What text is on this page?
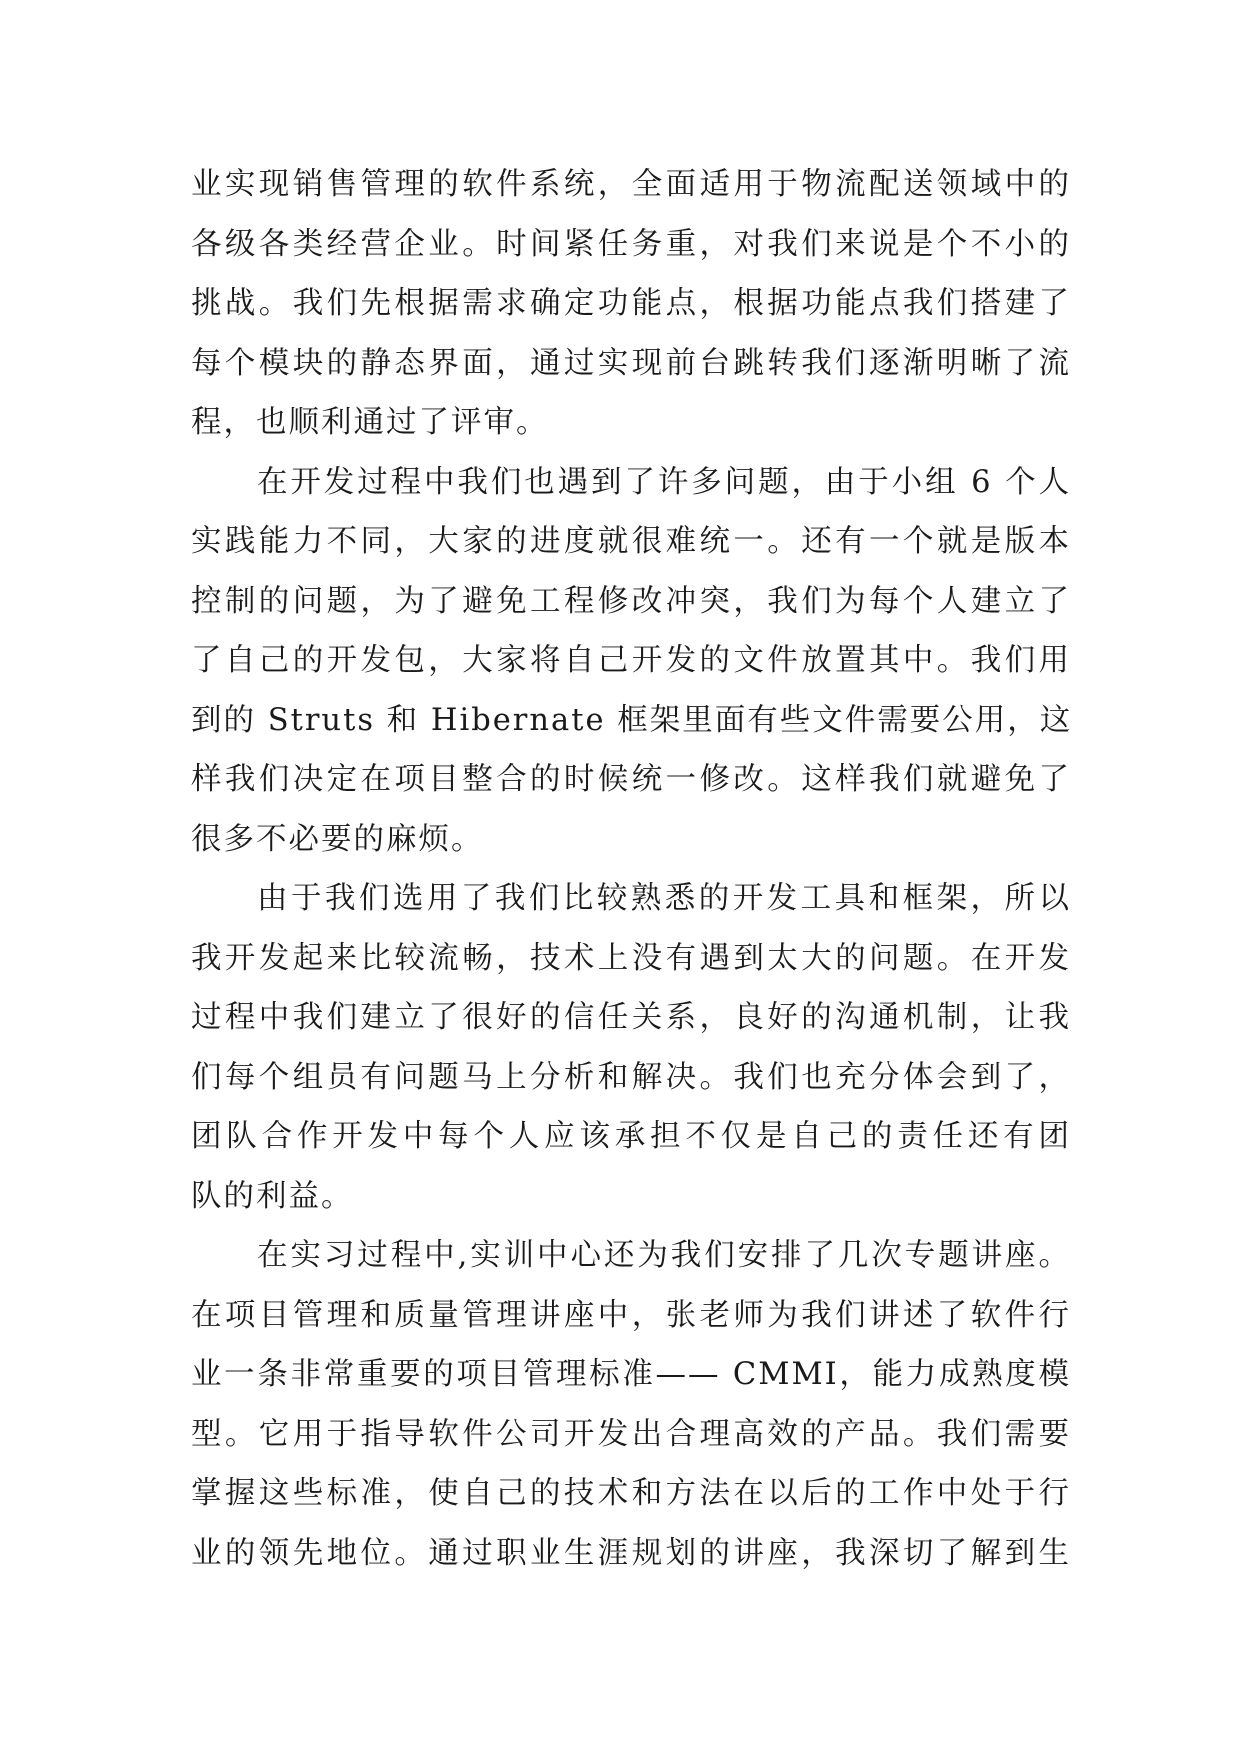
业实现销售管理的软件系统，全面适用于物流配送领域中的
各级各类经营企业。时间紧任务重，对我们来说是个不小的
挑战。我们先根据需求确定功能点，根据功能点我们搭建了
每个模块的静态界面，通过实现前台跳转我们逐渐明晰了流
程，也顺利通过了评审。
在开发过程中我们也遇到了许多问题，由于小组 6 个人
实践能力不同，大家的进度就很难统一。还有一个就是版本
控制的问题，为了避免工程修改冲突，我们为每个人建立了
了自己的开发包，大家将自己开发的文件放置其中。我们用
到的 Struts 和 Hibernate 框架里面有些文件需要公用，这
样我们决定在项目整合的时候统一修改。这样我们就避免了
很多不必要的麻烦。
由于我们选用了我们比较熟悉的开发工具和框架，所以
我开发起来比较流畅，技术上没有遇到太大的问题。在开发
过程中我们建立了很好的信任关系，良好的沟通机制，让我
们每个组员有问题马上分析和解决。我们也充分体会到了，
团队合作开发中每个人应该承担不仅是自己的责任还有团
队的利益。
在实习过程中,实训中心还为我们安排了几次专题讲座。
在项目管理和质量管理讲座中，张老师为我们讲述了软件行
业一条非常重要的项目管理标准—— CMMI，能力成熟度模
型。它用于指导软件公司开发出合理高效的产品。我们需要
掌握这些标准，使自己的技术和方法在以后的工作中处于行
业的领先地位。通过职业生涯规划的讲座，我深切了解到生
